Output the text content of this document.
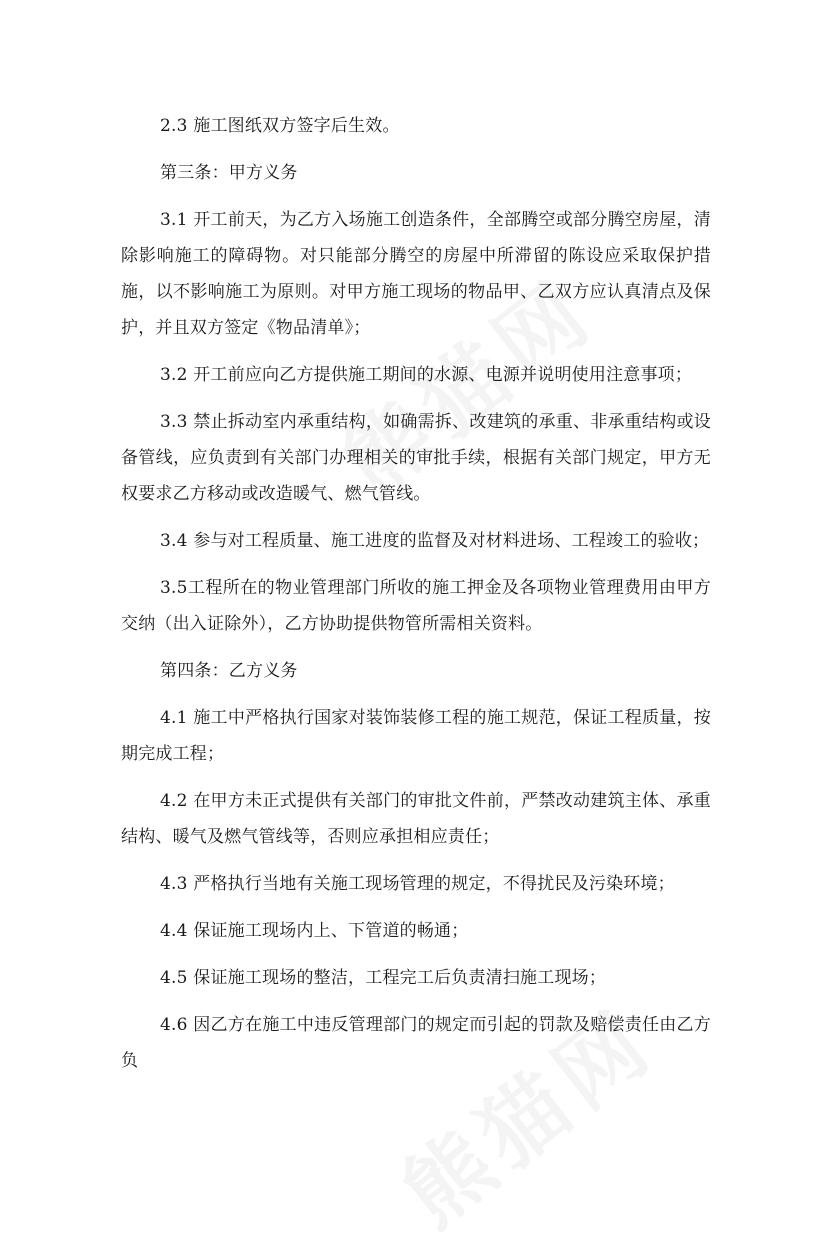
2.3 施工图纸双方签字后生效。

第三条：甲方义务

3.1 开工前天，为乙方入场施工创造条件，全部腾空或部分腾空房屋，清除影响施工的障碍物。对只能部分腾空的房屋中所滞留的陈设应采取保护措施，以不影响施工为原则。对甲方施工现场的物品甲、乙双方应认真清点及保护，并且双方签定《物品清单》；

3.2 开工前应向乙方提供施工期间的水源、电源并说明使用注意事项；

3.3 禁止拆动室内承重结构，如确需拆、改建筑的承重、非承重结构或设备管线，应负责到有关部门办理相关的审批手续，根据有关部门规定，甲方无权要求乙方移动或改造暖气、燃气管线。

3.4 参与对工程质量、施工进度的监督及对材料进场、工程竣工的验收；

3.5工程所在的物业管理部门所收的施工押金及各项物业管理费用由甲方交纳（出入证除外），乙方协助提供物管所需相关资料。

第四条：乙方义务

4.1 施工中严格执行国家对装饰装修工程的施工规范，保证工程质量，按期完成工程；

4.2 在甲方未正式提供有关部门的审批文件前，严禁改动建筑主体、承重结构、暖气及燃气管线等，否则应承担相应责任；

4.3 严格执行当地有关施工现场管理的规定，不得扰民及污染环境；

4.4 保证施工现场内上、下管道的畅通；

4.5 保证施工现场的整洁，工程完工后负责清扫施工现场；

4.6 因乙方在施工中违反管理部门的规定而引起的罚款及赔偿责任由乙方负
